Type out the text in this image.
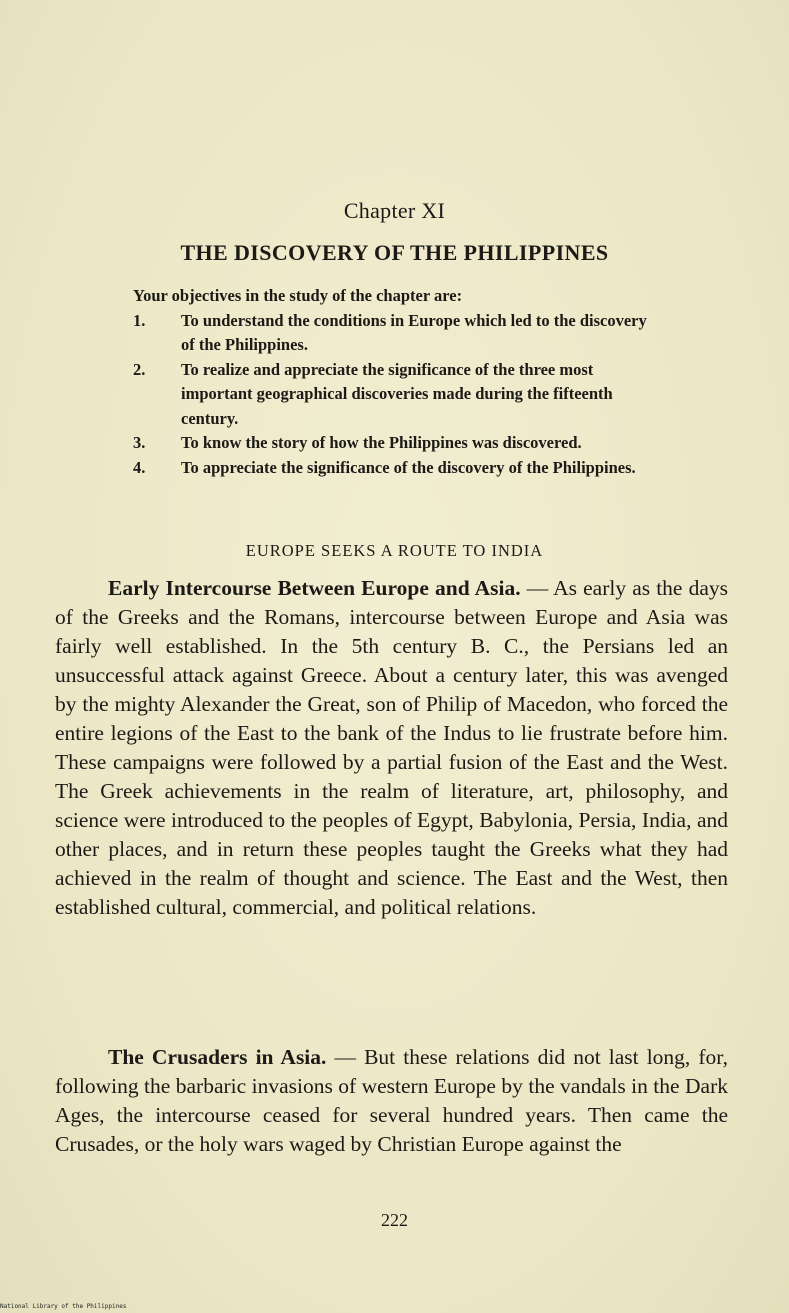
Chapter XI
THE DISCOVERY OF THE PHILIPPINES

Your objectives in the study of the chapter are:

1. To understand the conditions in Europe which led to the discovery of the Philippines.
2. To realize and appreciate the significance of the three most important geographical discoveries made during the fifteenth century.
3. To know the story of how the Philippines was discovered.
4. To appreciate the significance of the discovery of the Philippines.
EUROPE SEEKS A ROUTE TO INDIA

Early Intercourse Between Europe and Asia. — As early as the days of the Greeks and the Romans, intercourse between Europe and Asia was fairly well established. In the 5th century B. C., the Persians led an unsuccessful attack against Greece. About a century later, this was avenged by the mighty Alexander the Great, son of Philip of Macedon, who forced the entire legions of the East to the bank of the Indus to lie frustrate before him. These campaigns were followed by a partial fusion of the East and the West. The Greek achievements in the realm of literature, art, philosophy, and science were introduced to the peoples of Egypt, Babylonia, Persia, India, and other places, and in return these peoples taught the Greeks what they had achieved in the realm of thought and science. The East and the West, then established cultural, commercial, and political relations.

The Crusaders in Asia. — But these relations did not last long, for, following the barbaric invasions of western Europe by the vandals in the Dark Ages, the intercourse ceased for several hundred years. Then came the Crusades, or the holy wars waged by Christian Europe against the

222
National Library of the Philippines
